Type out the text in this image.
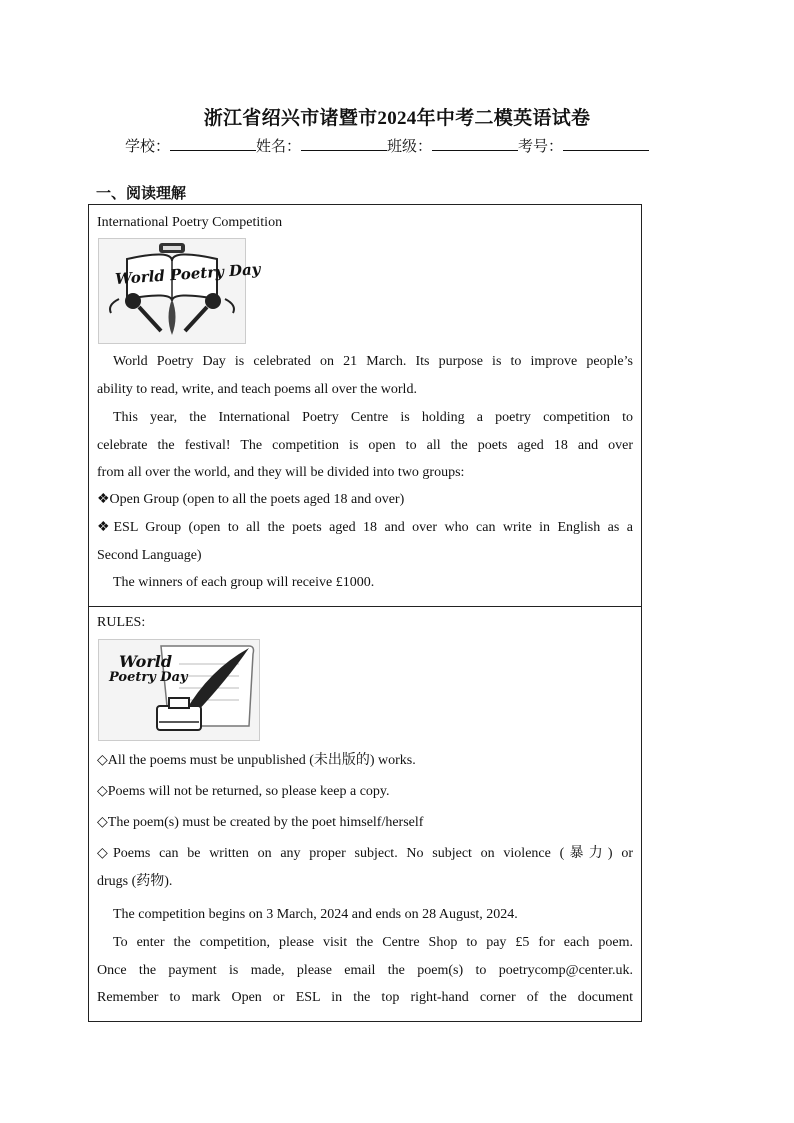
浙江省绍兴市诸暨市2024年中考二模英语试卷
学校：	姓名：	班级：	考号：
一、阅读理解
International Poetry Competition
World Poetry Day
World Poetry Day is celebrated on 21 March. Its purpose is to improve people’s
ability to read, write, and teach poems all over the world.
This year, the International Poetry Centre is holding a poetry competition to
celebrate the festival! The competition is open to all the poets aged 18 and over
from all over the world, and they will be divided into two groups:
❖Open Group (open to all the poets aged 18 and over)
❖ESL Group (open to all the poets aged 18 and over who can write in English as a
Second Language)
The winners of each group will receive £1000.
RULES:
World
Poetry Day
◇All the poems must be unpublished (未出版的) works.
◇Poems will not be returned, so please keep a copy.
◇The poem(s) must be created by the poet himself/herself
◇Poems can be written on any proper subject. No subject on violence (暴力) or
drugs (药物).
The competition begins on 3 March, 2024 and ends on 28 August, 2024.
To enter the competition, please visit the Centre Shop to pay £5 for each poem.
Once the payment is made, please email the poem(s) to poetrycomp@center.uk.
Remember to mark Open or ESL in the top right-hand corner of the document
